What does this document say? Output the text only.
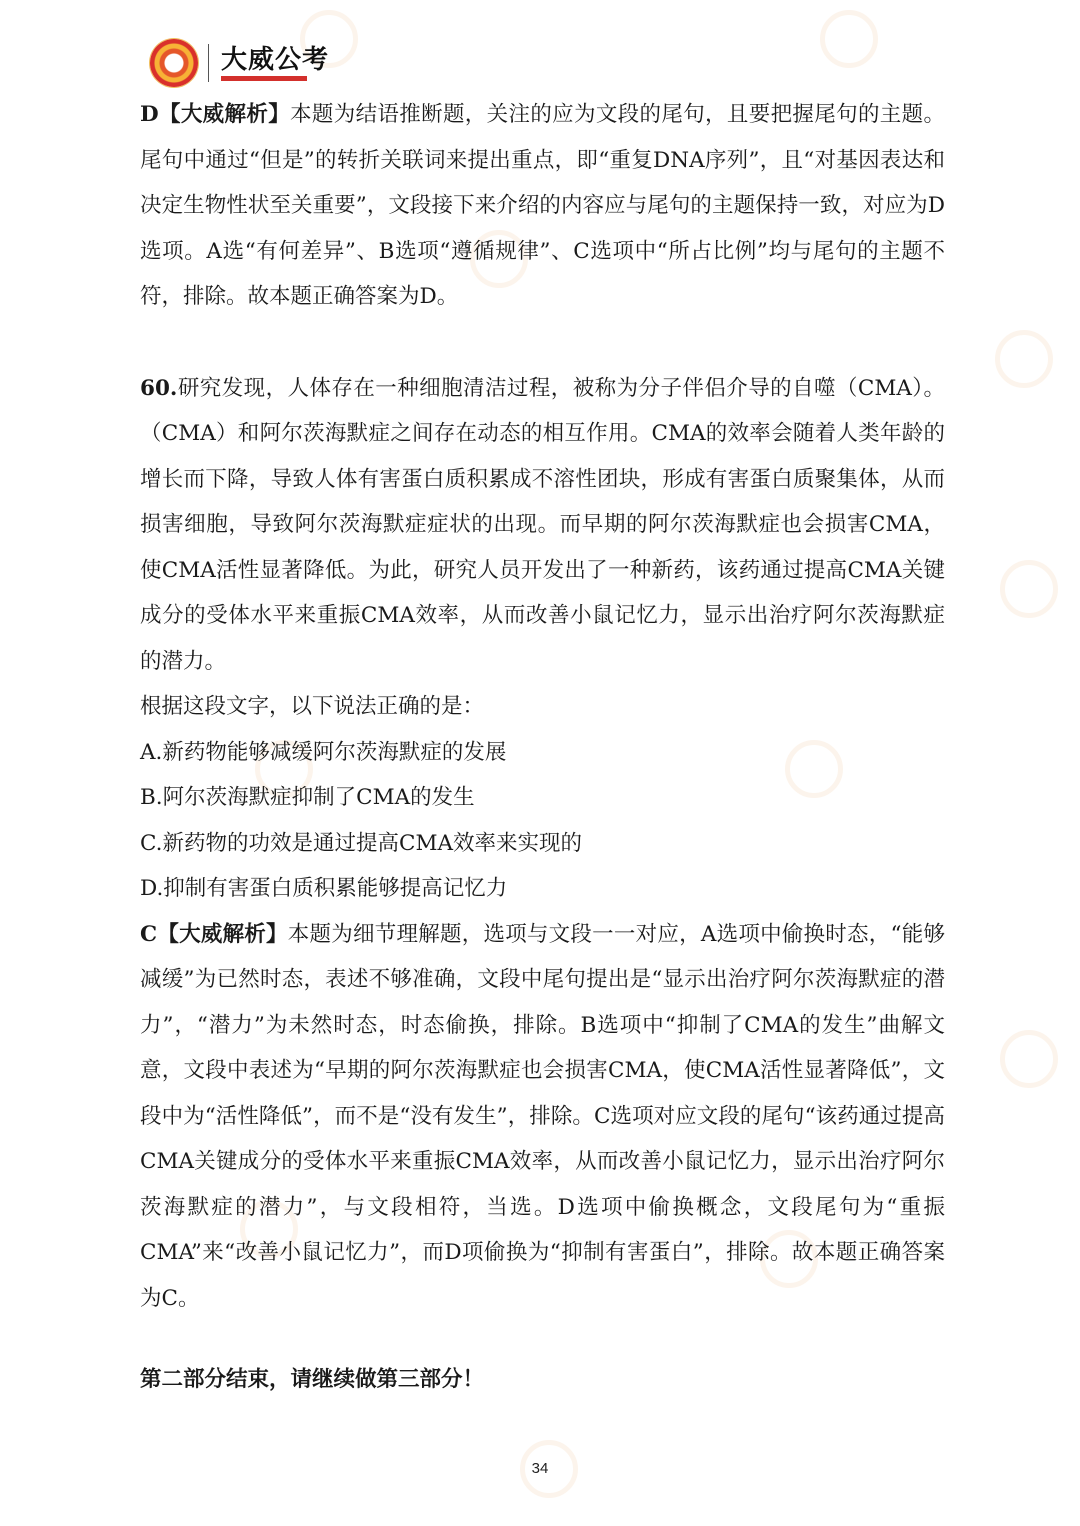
大威公考

D【大威解析】本题为结语推断题，关注的应为文段的尾句，且要把握尾句的主题。尾句中通过“但是”的转折关联词来提出重点，即“重复DNA序列”，且“对基因表达和决定生物性状至关重要”，文段接下来介绍的内容应与尾句的主题保持一致，对应为D选项。A选“有何差异”、B选项“遵循规律”、C选项中“所占比例”均与尾句的主题不符，排除。故本题正确答案为D。

60.研究发现，人体存在一种细胞清洁过程，被称为分子伴侣介导的自噬（CMA）。（CMA）和阿尔茨海默症之间存在动态的相互作用。CMA的效率会随着人类年龄的增长而下降，导致人体有害蛋白质积累成不溶性团块，形成有害蛋白质聚集体，从而损害细胞，导致阿尔茨海默症症状的出现。而早期的阿尔茨海默症也会损害CMA，使CMA活性显著降低。为此，研究人员开发出了一种新药，该药通过提高CMA关键成分的受体水平来重振CMA效率，从而改善小鼠记忆力，显示出治疗阿尔茨海默症的潜力。

根据这段文字，以下说法正确的是：

A.新药物能够减缓阿尔茨海默症的发展

B.阿尔茨海默症抑制了CMA的发生

C.新药物的功效是通过提高CMA效率来实现的

D.抑制有害蛋白质积累能够提高记忆力

C【大威解析】本题为细节理解题，选项与文段一一对应，A选项中偷换时态，“能够减缓”为已然时态，表述不够准确，文段中尾句提出是“显示出治疗阿尔茨海默症的潜力”，“潜力”为未然时态，时态偷换，排除。B选项中“抑制了CMA的发生”曲解文意，文段中表述为“早期的阿尔茨海默症也会损害CMA，使CMA活性显著降低”，文段中为“活性降低”，而不是“没有发生”，排除。C选项对应文段的尾句“该药通过提高CMA关键成分的受体水平来重振CMA效率，从而改善小鼠记忆力，显示出治疗阿尔茨海默症的潜力”，与文段相符，当选。D选项中偷换概念，文段尾句为“重振CMA”来“改善小鼠记忆力”，而D项偷换为“抑制有害蛋白”，排除。故本题正确答案为C。

第二部分结束，请继续做第三部分！

34
